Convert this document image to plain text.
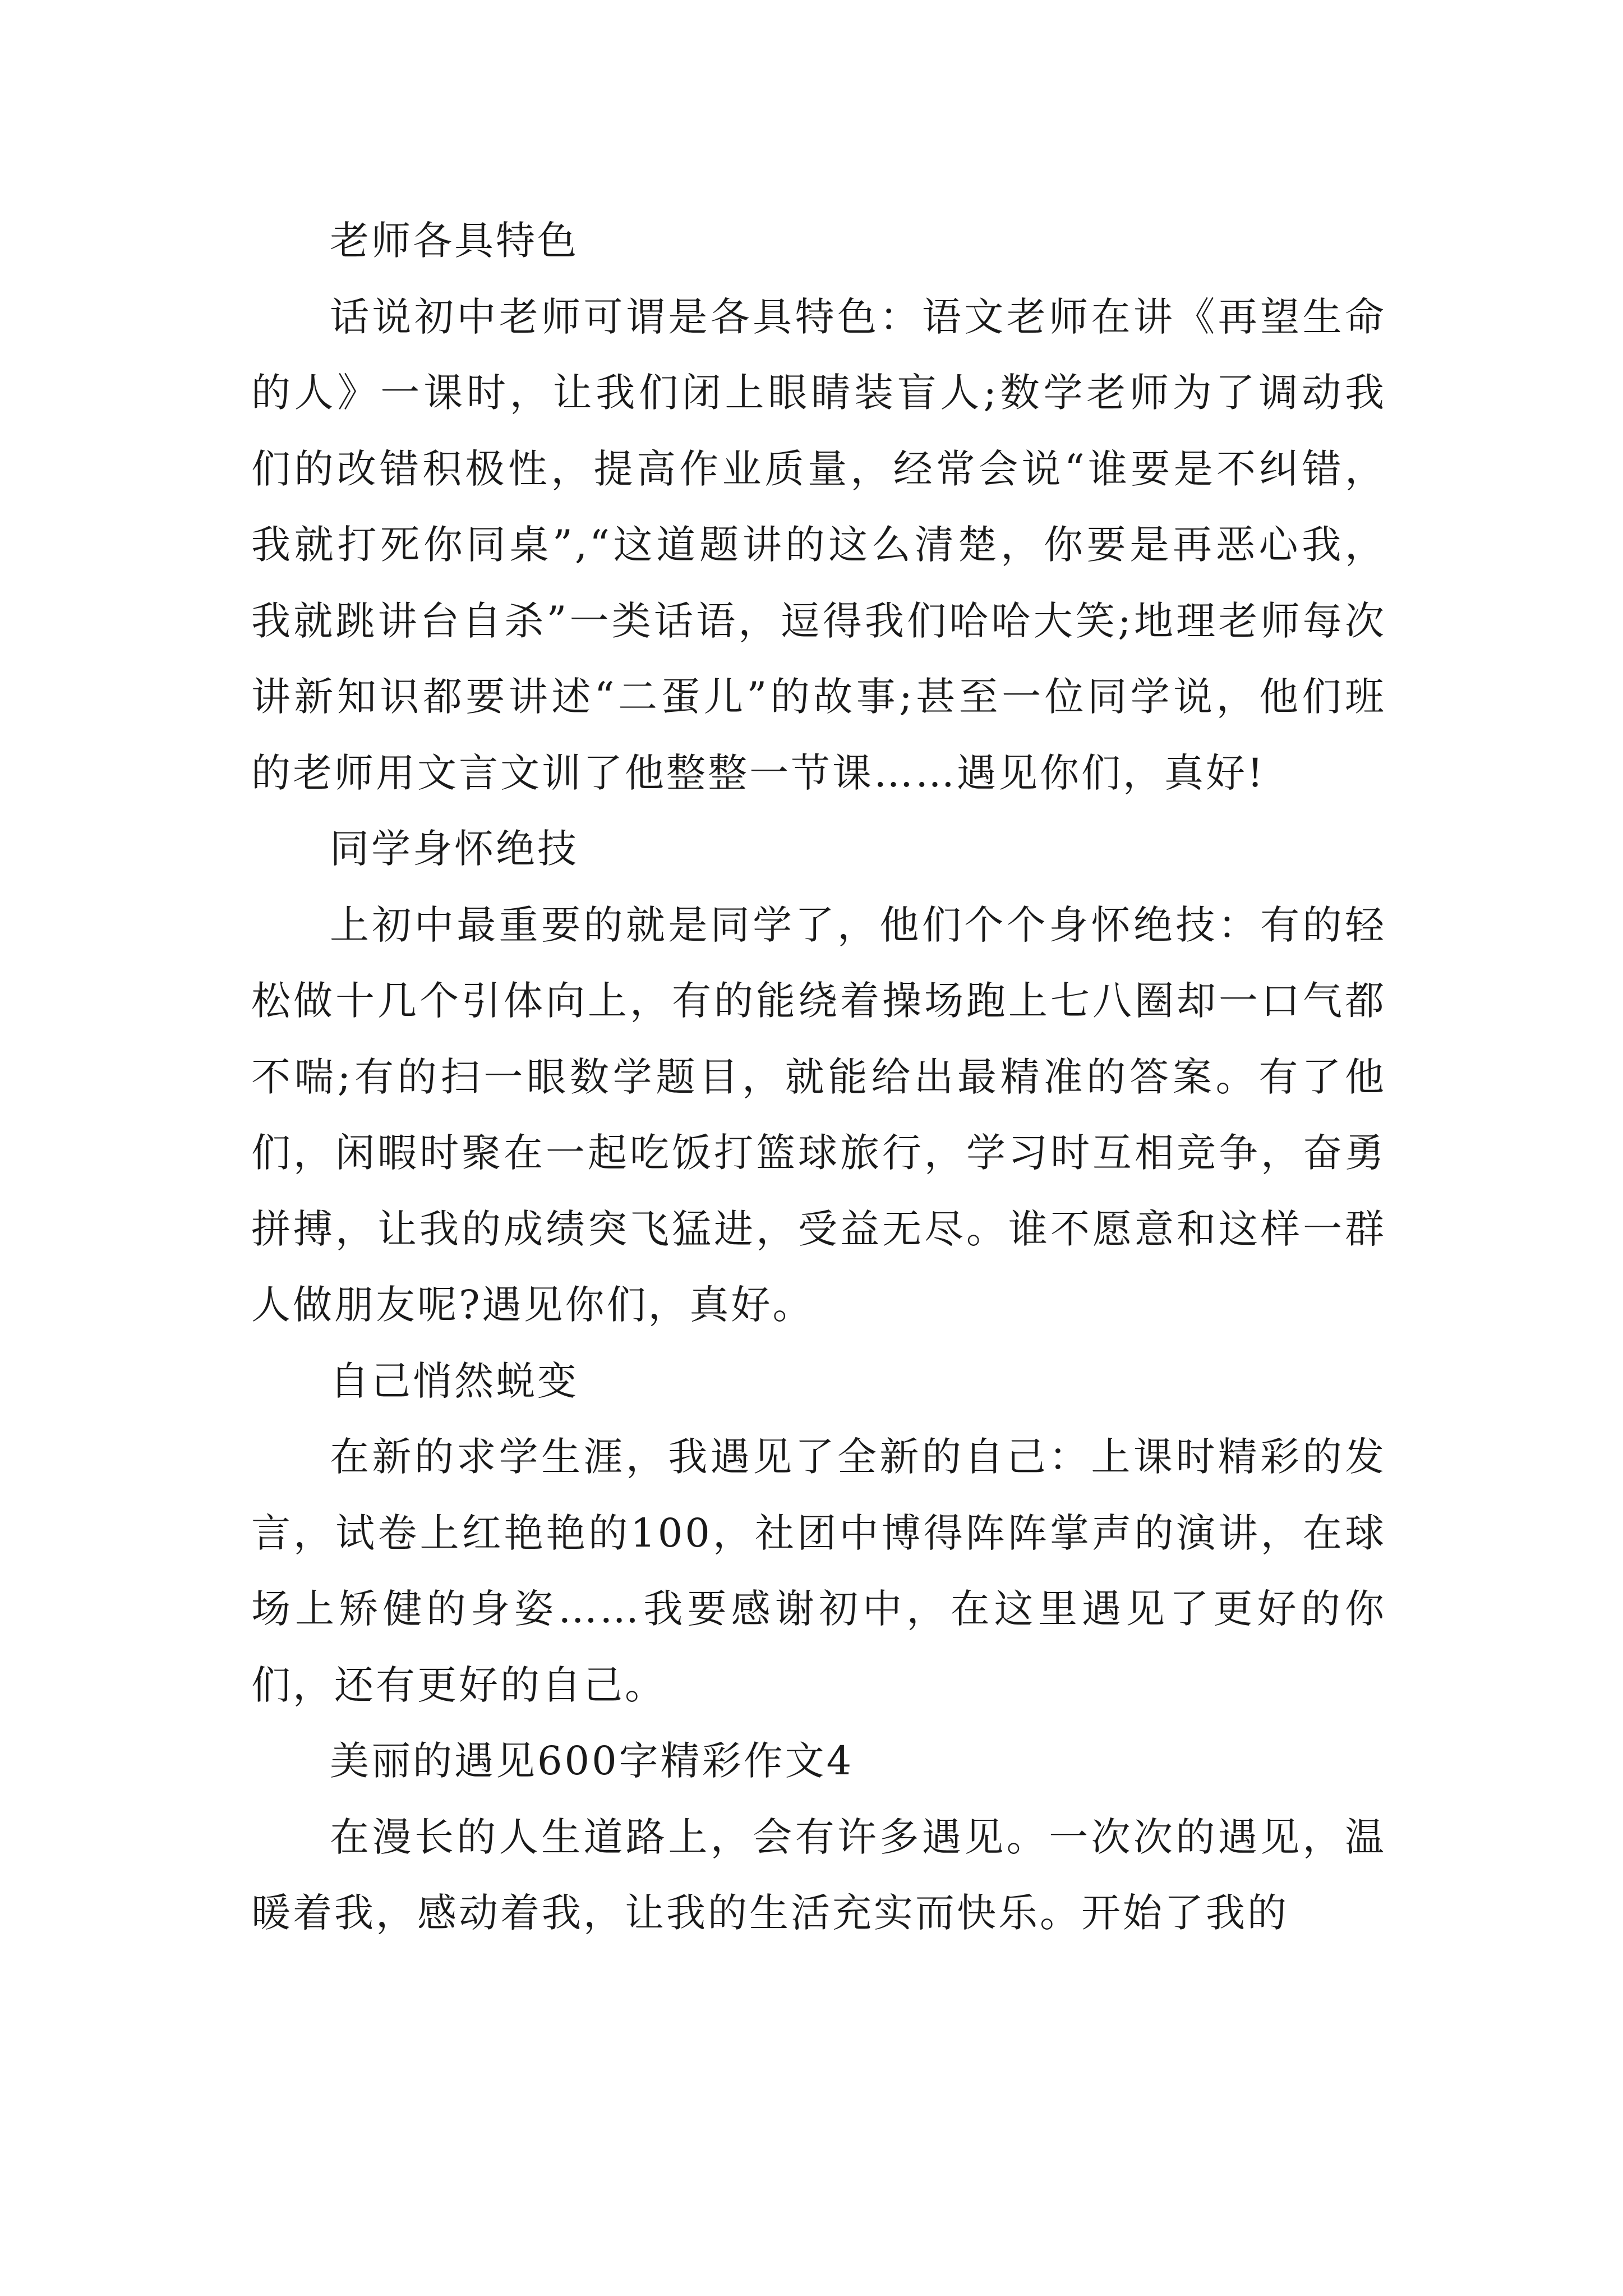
老师各具特色

话说初中老师可谓是各具特色：语文老师在讲《再望生命的人》一课时，让我们闭上眼睛装盲人;数学老师为了调动我们的改错积极性，提高作业质量，经常会说“谁要是不纠错，我就打死你同桌”,“这道题讲的这么清楚，你要是再恶心我，我就跳讲台自杀”一类话语，逗得我们哈哈大笑;地理老师每次讲新知识都要讲述“二蛋儿”的故事;甚至一位同学说，他们班的老师用文言文训了他整整一节课……遇见你们，真好!

同学身怀绝技

上初中最重要的就是同学了，他们个个身怀绝技：有的轻松做十几个引体向上，有的能绕着操场跑上七八圈却一口气都不喘;有的扫一眼数学题目，就能给出最精准的答案。有了他们，闲暇时聚在一起吃饭打篮球旅行，学习时互相竞争，奋勇拼搏，让我的成绩突飞猛进，受益无尽。谁不愿意和这样一群人做朋友呢?遇见你们，真好。

自己悄然蜕变

在新的求学生涯，我遇见了全新的自己：上课时精彩的发言，试卷上红艳艳的100，社团中博得阵阵掌声的演讲，在球场上矫健的身姿……我要感谢初中，在这里遇见了更好的你们，还有更好的自己。

美丽的遇见600字精彩作文4

在漫长的人生道路上，会有许多遇见。一次次的遇见，温暖着我，感动着我，让我的生活充实而快乐。开始了我的
